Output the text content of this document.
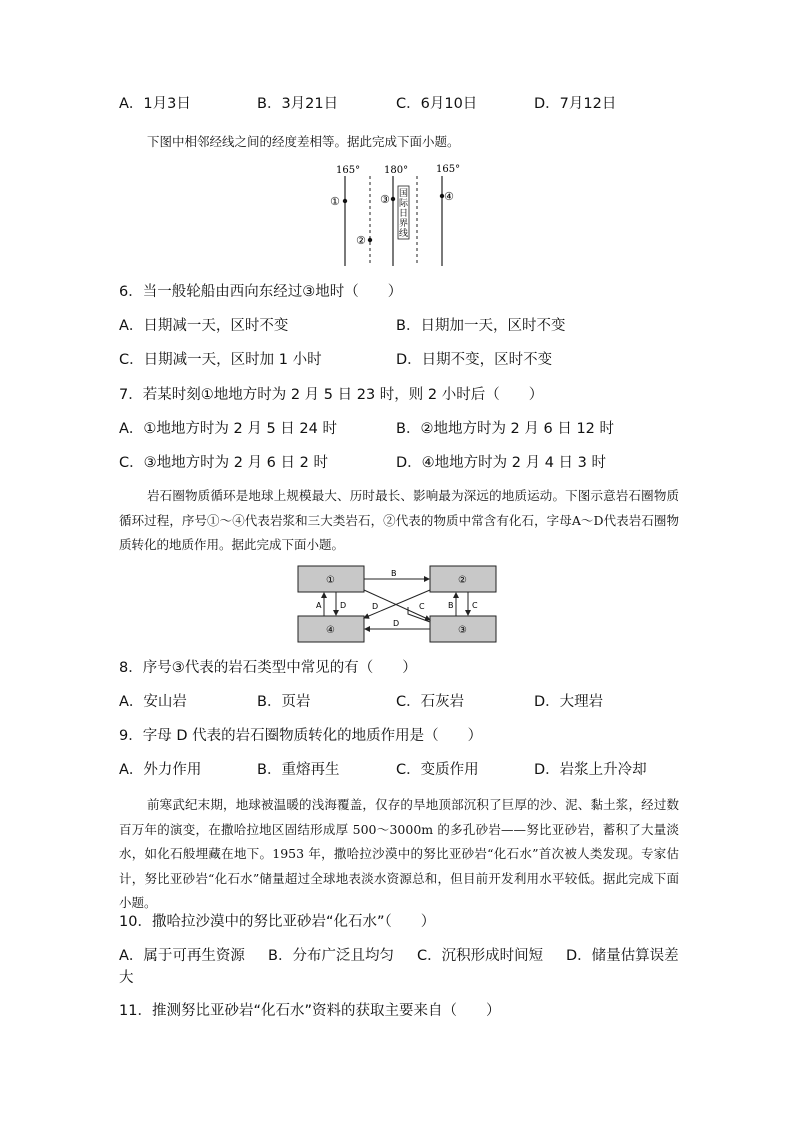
A．1月3日	B．3月21日	C．6月10日	D．7月12日
下图中相邻经线之间的经度差相等。据此完成下面小题。
165° 180°	165°
国
际
日
界
线
①
②
③	④
6．当一般轮船由西向东经过③地时（　　）
A．日期减一天，区时不变	B．日期加一天，区时不变
C．日期减一天，区时加 1 小时	D．日期不变，区时不变
7．若某时刻①地地方时为 2 月 5 日 23 时，则 2 小时后（　　）
A．①地地方时为 2 月 5 日 24 时	B．②地地方时为 2 月 6 日 12 时
C．③地地方时为 2 月 6 日 2 时	D．④地地方时为 2 月 4 日 3 时
岩石圈物质循环是地球上规模最大、历时最长、影响最为深远的地质运动。下图示意岩石圈物质循环过程，序号①～④代表岩浆和三大类岩石，②代表的物质中常含有化石，字母A～D代表岩石圈物质转化的地质作用。据此完成下面小题。
①	②
④	③
B
A D	D	C	B C
D
8．序号③代表的岩石类型中常见的有（　　）
A．安山岩	B．页岩	C．石灰岩	D．大理岩
9．字母 D 代表的岩石圈物质转化的地质作用是（　　）
A．外力作用	B．重熔再生	C．变质作用	D．岩浆上升冷却
前寒武纪末期，地球被温暖的浅海覆盖，仅存的旱地顶部沉积了巨厚的沙、泥、黏土浆，经过数百万年的演变，在撒哈拉地区固结形成厚 500～3000m 的多孔砂岩——努比亚砂岩，蓄积了大量淡水，如化石般埋藏在地下。1953 年，撒哈拉沙漠中的努比亚砂岩“化石水”首次被人类发现。专家估计，努比亚砂岩“化石水”储量超过全球地表淡水资源总和，但目前开发利用水平较低。据此完成下面小题。
10．撒哈拉沙漠中的努比亚砂岩“化石水”（　　）
A．属于可再生资源 B．分布广泛且均匀 C．沉积形成时间短 D．储量估算误差
大
11．推测努比亚砂岩“化石水”资料的获取主要来自（　　）
